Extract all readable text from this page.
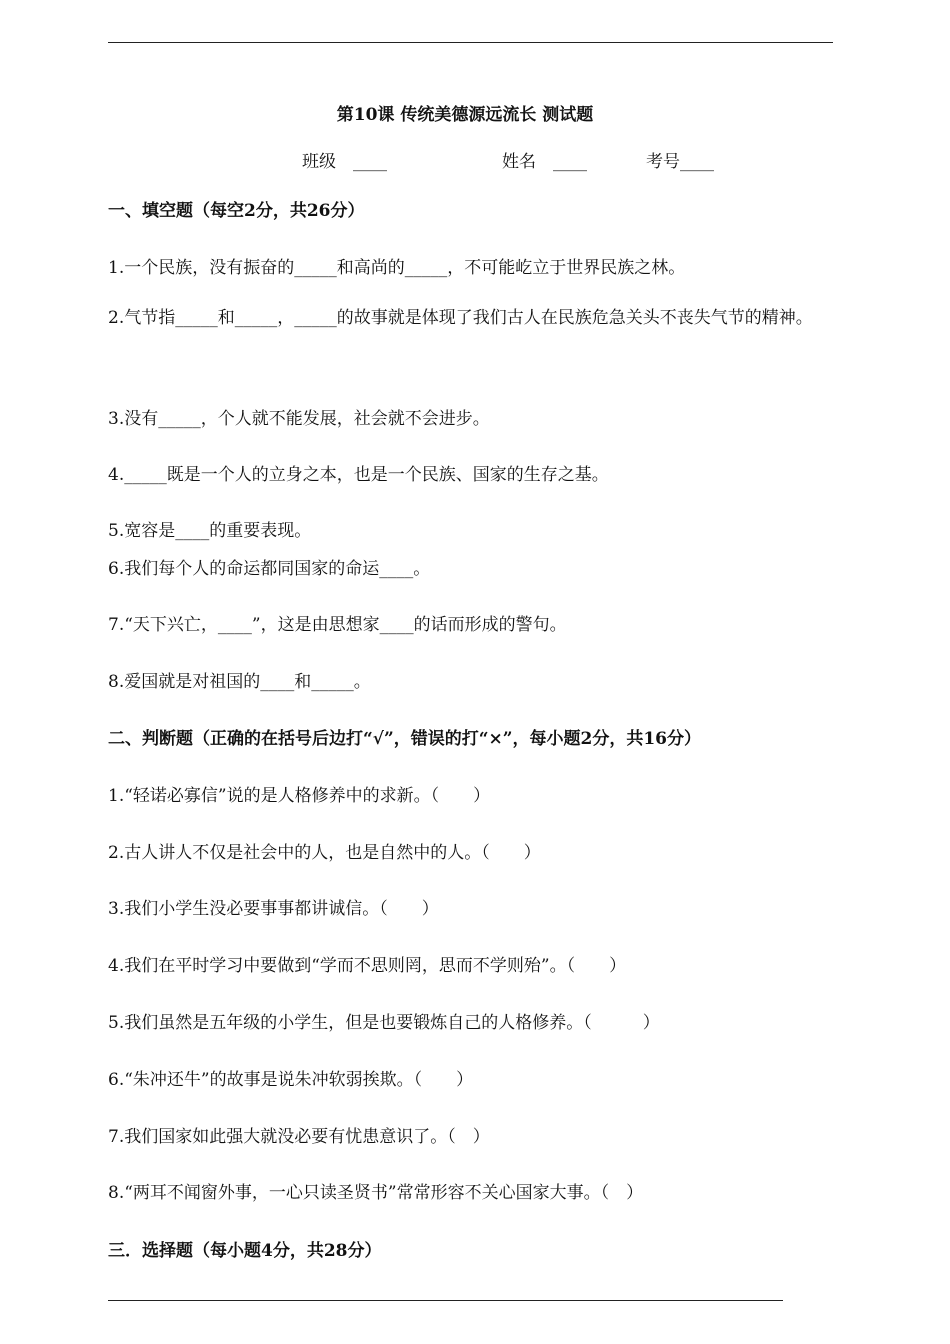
第10课 传统美德源远流长 测试题
班级　____	姓名　____	考号____
一、填空题（每空2分，共26分）
1.一个民族，没有振奋的_____和高尚的_____，不可能屹立于世界民族之林。
2.气节指_____和_____，_____的故事就是体现了我们古人在民族危急关头不丧失气节的精神。
3.没有_____，个人就不能发展，社会就不会进步。
4._____既是一个人的立身之本，也是一个民族、国家的生存之基。
5.宽容是____的重要表现。
6.我们每个人的命运都同国家的命运____。
7.“天下兴亡，____”，这是由思想家____的话而形成的警句。
8.爱国就是对祖国的____和_____。
二、判断题（正确的在括号后边打“√”，错误的打“×”，每小题2分，共16分）
1.“轻诺必寡信”说的是人格修养中的求新。（　　）
2.古人讲人不仅是社会中的人，也是自然中的人。（　　）
3.我们小学生没必要事事都讲诚信。（　　）
4.我们在平时学习中要做到“学而不思则罔，思而不学则殆”。（　　）
5.我们虽然是五年级的小学生，但是也要锻炼自己的人格修养。（　　　）
6.“朱冲还牛”的故事是说朱冲软弱挨欺。（　　）
7.我们国家如此强大就没必要有忧患意识了。（　）
8.“两耳不闻窗外事，一心只读圣贤书”常常形容不关心国家大事。（　）
三．选择题（每小题4分，共28分）
